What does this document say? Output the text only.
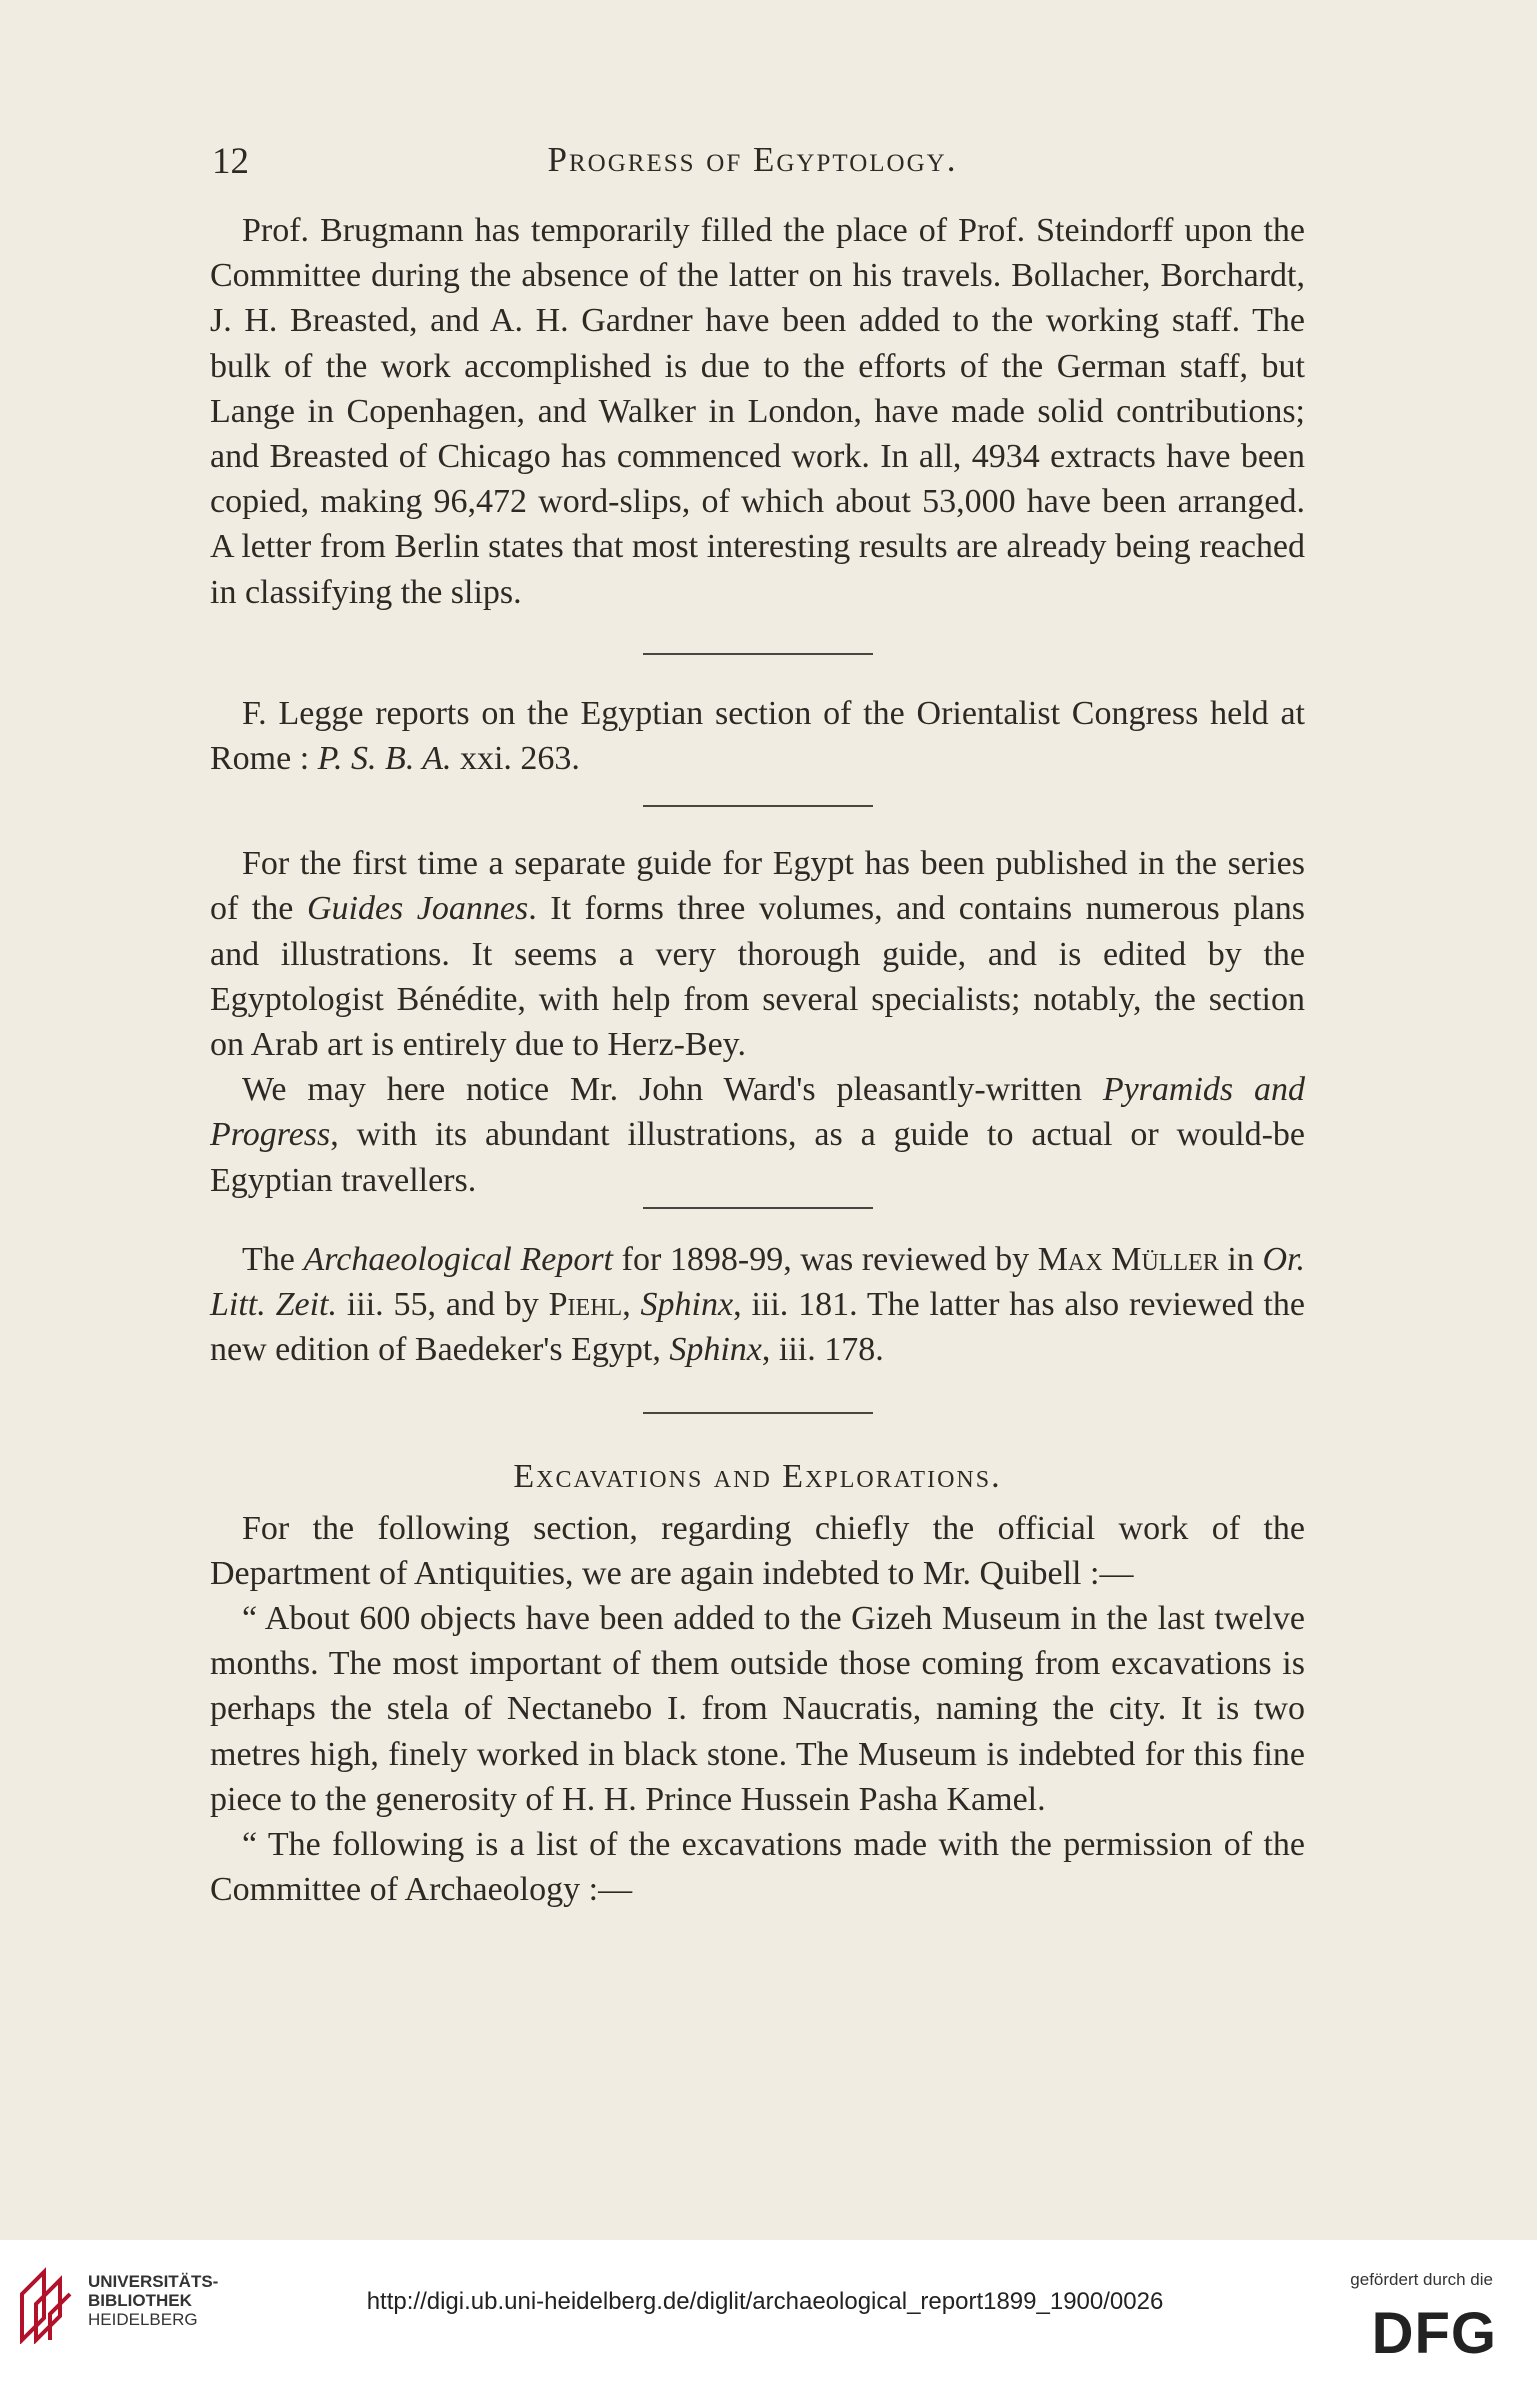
12	Progress of Egyptology.

Prof. Brugmann has temporarily filled the place of Prof. Steindorff upon the Committee during the absence of the latter on his travels. Bollacher, Borchardt, J. H. Breasted, and A. H. Gardner have been added to the working staff. The bulk of the work accomplished is due to the efforts of the German staff, but Lange in Copenhagen, and Walker in London, have made solid contributions; and Breasted of Chicago has commenced work. In all, 4934 extracts have been copied, making 96,472 word-slips, of which about 53,000 have been arranged. A letter from Berlin states that most interesting results are already being reached in classifying the slips.

F. Legge reports on the Egyptian section of the Orientalist Congress held at Rome : P. S. B. A. xxi. 263.

For the first time a separate guide for Egypt has been published in the series of the Guides Joannes. It forms three volumes, and contains numerous plans and illustrations. It seems a very thorough guide, and is edited by the Egyptologist Bénédite, with help from several specialists; notably, the section on Arab art is entirely due to Herz-Bey.

We may here notice Mr. John Ward's pleasantly-written Pyramids and Progress, with its abundant illustrations, as a guide to actual or would-be Egyptian travellers.

The Archaeological Report for 1898-99, was reviewed by Max Müller in Or. Litt. Zeit. iii. 55, and by Piehl, Sphinx, iii. 181. The latter has also reviewed the new edition of Baedeker's Egypt, Sphinx, iii. 178.

Excavations and Explorations.

For the following section, regarding chiefly the official work of the Department of Antiquities, we are again indebted to Mr. Quibell :—

“ About 600 objects have been added to the Gizeh Museum in the last twelve months. The most important of them outside those coming from excavations is perhaps the stela of Nectanebo I. from Naucratis, naming the city. It is two metres high, finely worked in black stone. The Museum is indebted for this fine piece to the generosity of H. H. Prince Hussein Pasha Kamel.

“ The following is a list of the excavations made with the permission of the Committee of Archaeology :—

UNIVERSITÄTS-
BIBLIOTHEK
HEIDELBERG
http://digi.ub.uni-heidelberg.de/diglit/archaeological_report1899_1900/0026
gefördert durch die
DFG
